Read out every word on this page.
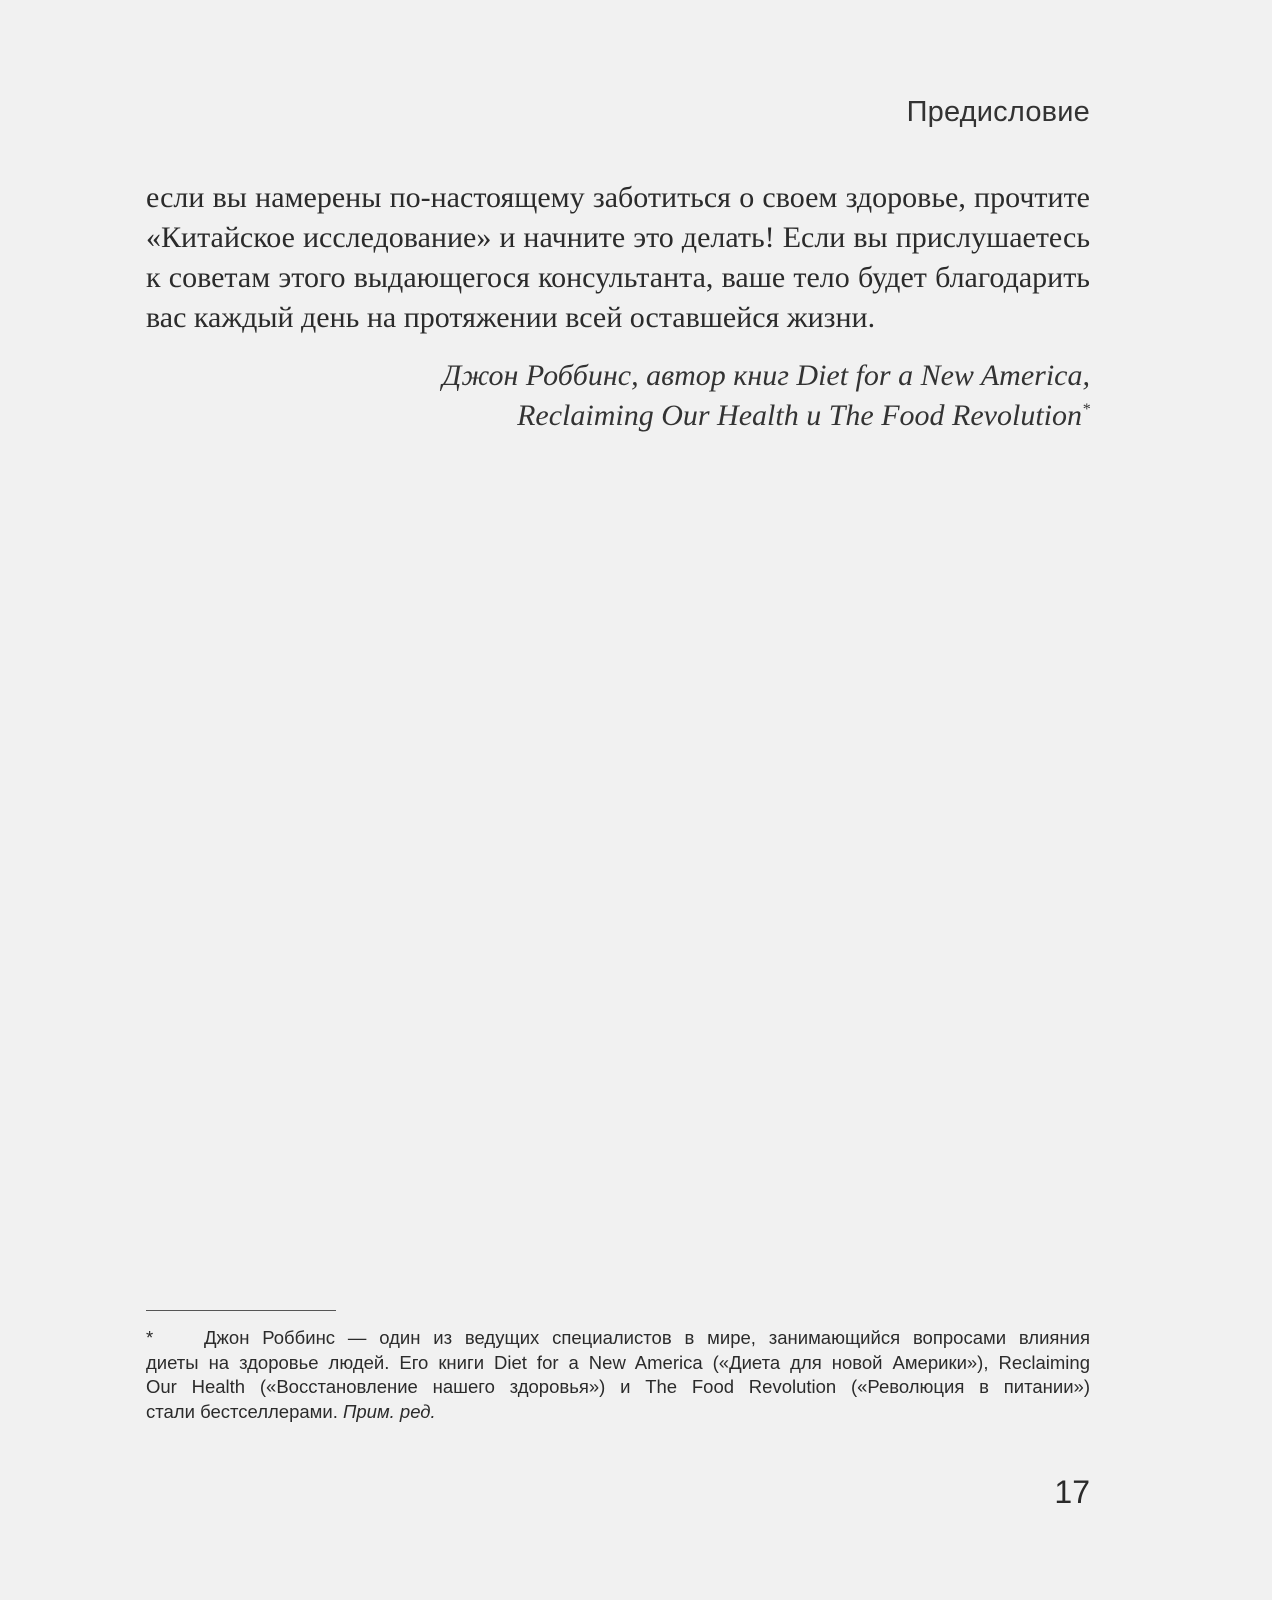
Предисловие
если вы намерены по-настоящему заботиться о своем здоровье, прочтите
«Китайское исследование» и начните это делать! Если вы прислушаетесь
к советам этого выдающегося консультанта, ваше тело будет благодарить
вас каждый день на протяжении всей оставшейся жизни.
Джон Роббинс, автор книг Diet for a New America,
Reclaiming Our Health и The Food Revolution*
*	Джон Роббинс — один из ведущих специалистов в мире, занимающийся вопросами влияния
диеты на здоровье людей. Его книги Diet for a New America («Диета для новой Америки»), Reclaiming
Our Health («Восстановление нашего здоровья») и The Food Revolution («Революция в питании»)
стали бестселлерами. Прим. ред.
17
